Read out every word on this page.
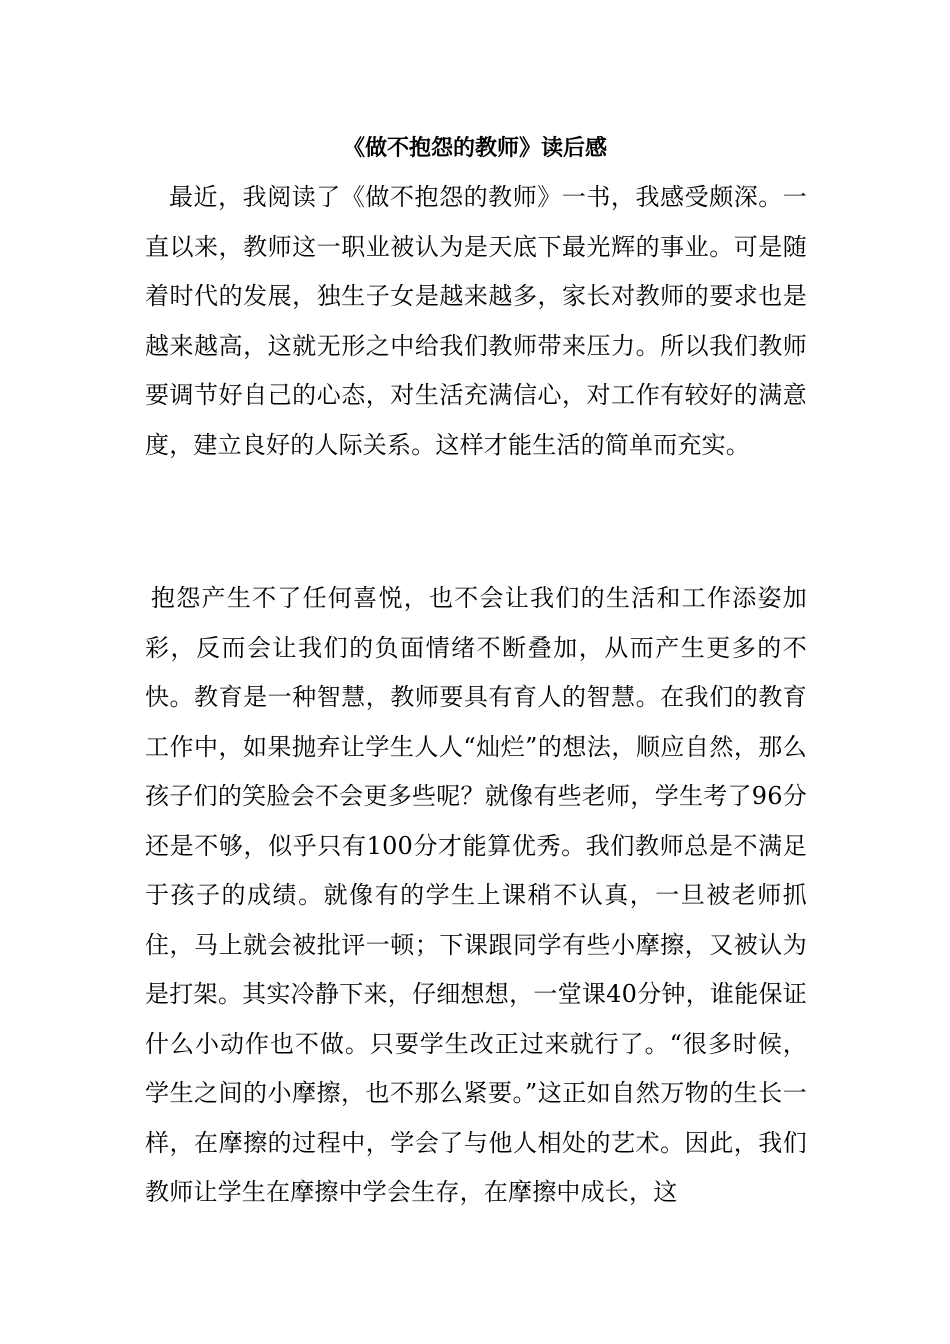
《做不抱怨的教师》读后感

最近，我阅读了《做不抱怨的教师》一书，我感受颇深。一直以来，教师这一职业被认为是天底下最光辉的事业。可是随着时代的发展，独生子女是越来越多，家长对教师的要求也是越来越高，这就无形之中给我们教师带来压力。所以我们教师要调节好自己的心态，对生活充满信心，对工作有较好的满意度，建立良好的人际关系。这样才能生活的简单而充实。

抱怨产生不了任何喜悦，也不会让我们的生活和工作添姿加彩，反而会让我们的负面情绪不断叠加，从而产生更多的不快。教育是一种智慧，教师要具有育人的智慧。在我们的教育工作中，如果抛弃让学生人人“灿烂”的想法，顺应自然，那么孩子们的笑脸会不会更多些呢？就像有些老师，学生考了96分还是不够，似乎只有100分才能算优秀。我们教师总是不满足于孩子的成绩。就像有的学生上课稍不认真，一旦被老师抓住，马上就会被批评一顿；下课跟同学有些小摩擦，又被认为是打架。其实冷静下来，仔细想想，一堂课40分钟，谁能保证什么小动作也不做。只要学生改正过来就行了。“很多时候，学生之间的小摩擦，也不那么紧要。”这正如自然万物的生长一样，在摩擦的过程中，学会了与他人相处的艺术。因此，我们教师让学生在摩擦中学会生存，在摩擦中成长，这
